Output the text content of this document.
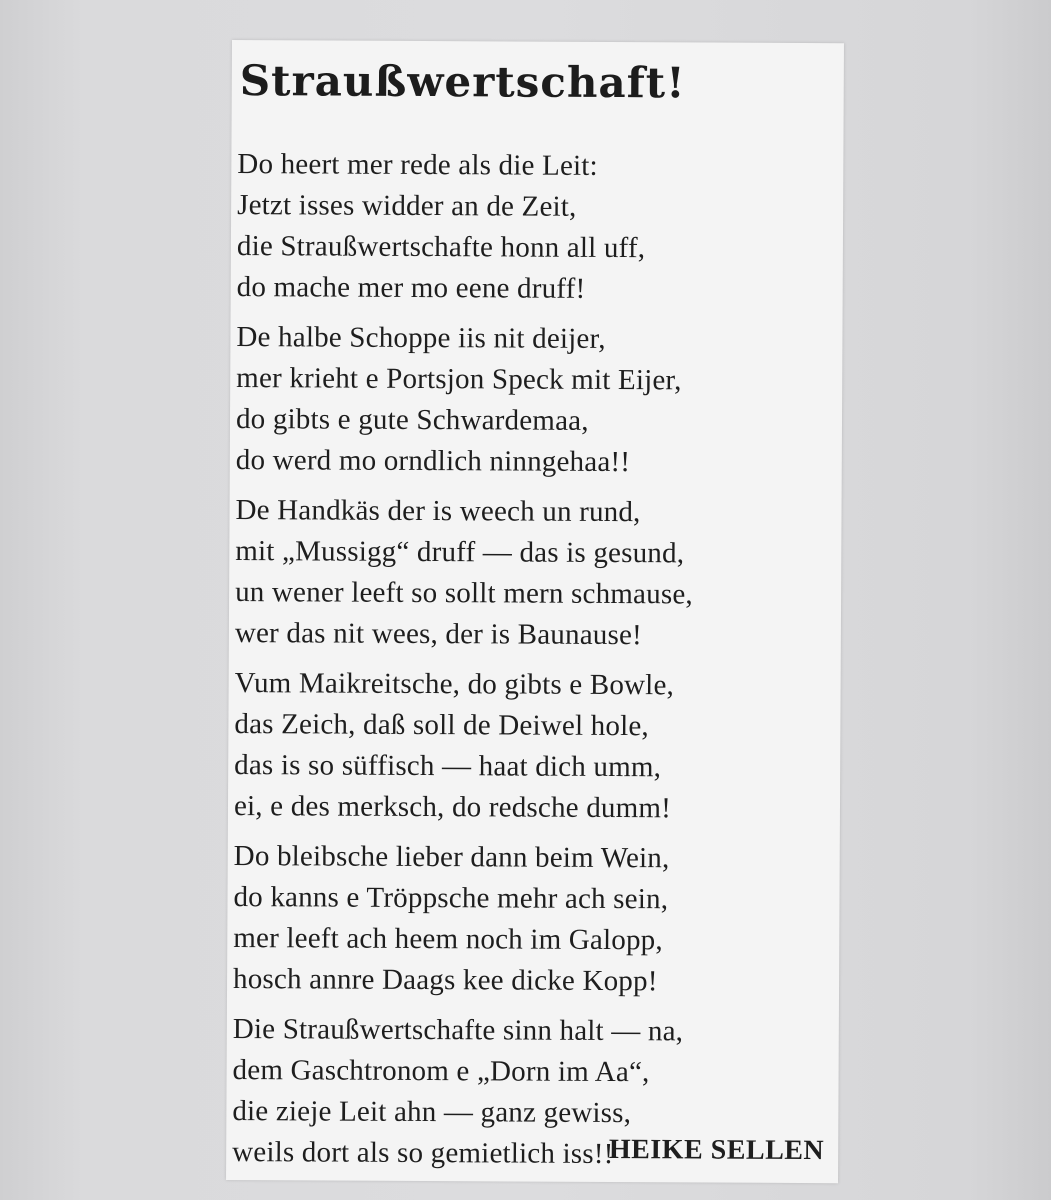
Straußwertschaft!
Do heert mer rede als die Leit:
Jetzt isses widder an de Zeit,
die Straußwertschafte honn all uff,
do mache mer mo eene druff!
De halbe Schoppe iis nit deijer,
mer krieht e Portsjon Speck mit Eijer,
do gibts e gute Schwardemaa,
do werd mo orndlich ninngehaa!!
De Handkäs der is weech un rund,
mit „Mussigg“ druff — das is gesund,
un wener leeft so sollt mern schmause,
wer das nit wees, der is Baunause!
Vum Maikreitsche, do gibts e Bowle,
das Zeich, daß soll de Deiwel hole,
das is so süffisch — haat dich umm,
ei, e des merksch, do redsche dumm!
Do bleibsche lieber dann beim Wein,
do kanns e Tröppsche mehr ach sein,
mer leeft ach heem noch im Galopp,
hosch annre Daags kee dicke Kopp!
Die Straußwertschafte sinn halt — na,
dem Gaschtronom e „Dorn im Aa“,
die zieje Leit ahn — ganz gewiss,
weils dort als so gemietlich iss!!
HEIKE SELLEN
